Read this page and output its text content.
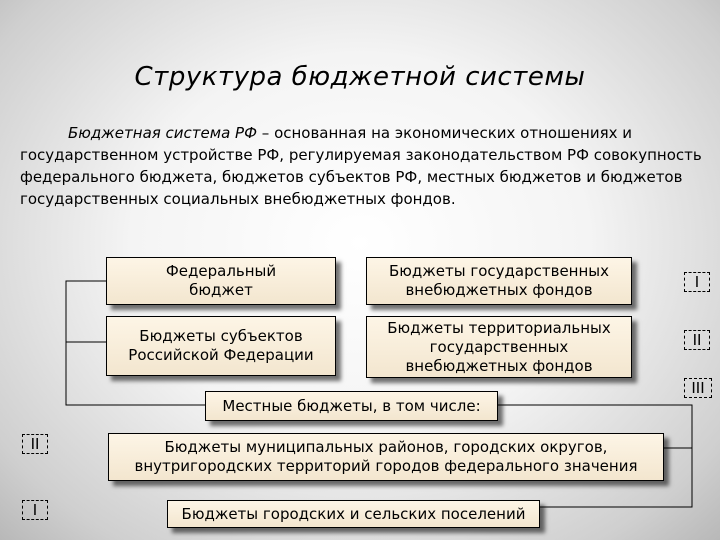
Структура бюджетной системы
Бюджетная система РФ – основанная на экономических отношениях и государственном устройстве РФ, регулируемая законодательством РФ совокупность федерального бюджета, бюджетов субъектов РФ, местных бюджетов и бюджетов государственных социальных внебюджетных фондов.
Федеральный
бюджет
Бюджеты государственных
внебюджетных фондов
Бюджеты субъектов
Российской Федерации
Бюджеты территориальных
государственных
внебюджетных фондов
Местные бюджеты, в том числе:
Бюджеты муниципальных районов, городских округов,
внутригородских территорий городов федерального значения
Бюджеты городских и сельских поселений
I
II
III
II
I
